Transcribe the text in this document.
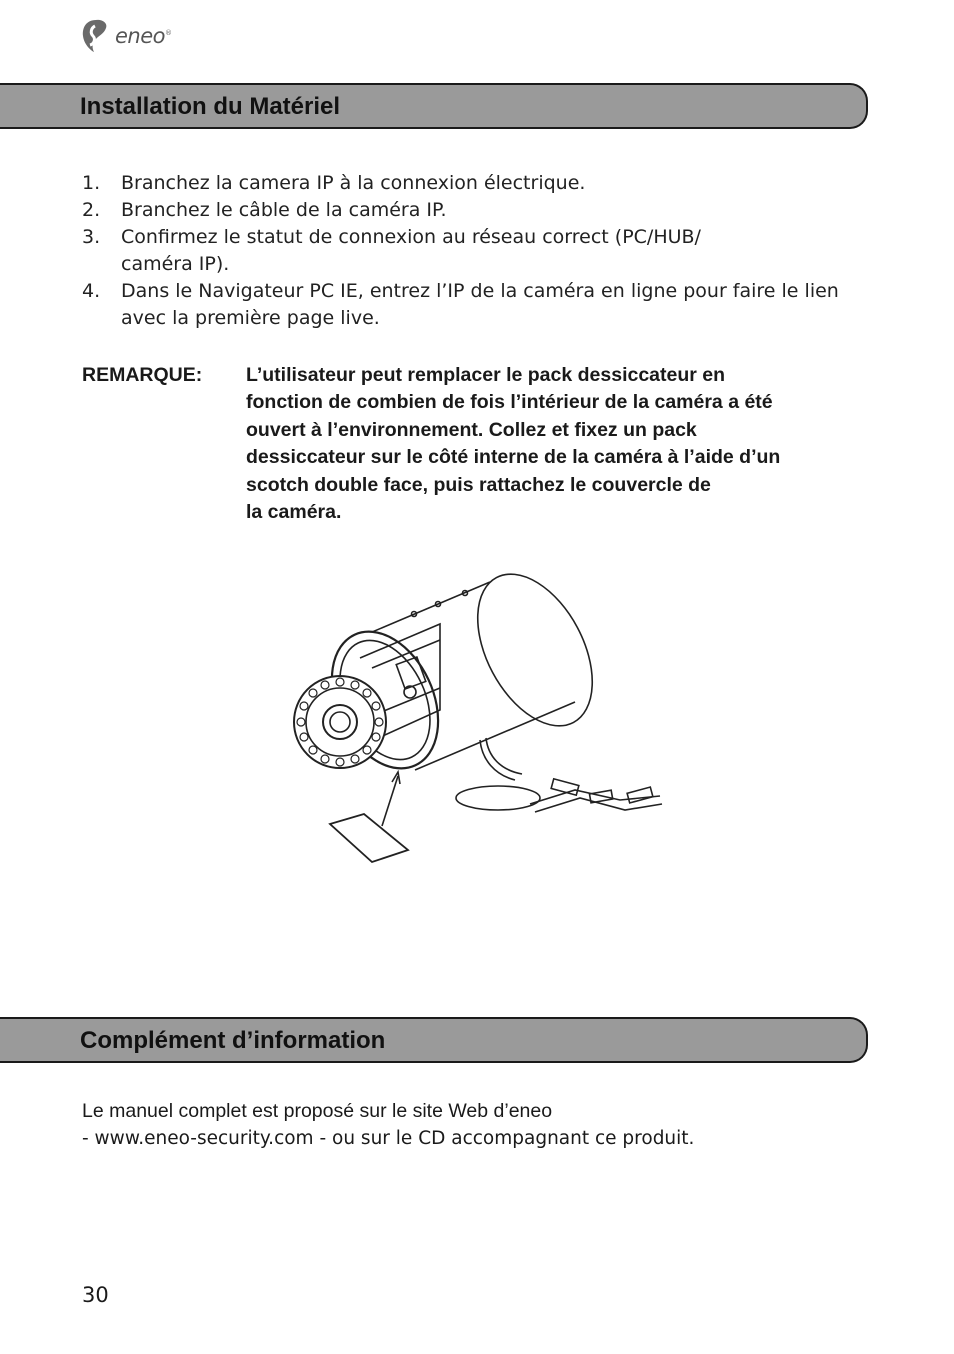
eneo®
Installation du Matériel
1.	Branchez la camera IP à la connexion électrique.
2.	Branchez le câble de la caméra IP.
3.	Confirmez le statut de connexion au réseau correct (PC/HUB/ caméra IP).
4.	Dans le Navigateur PC IE, entrez l’IP de la caméra en ligne pour faire le lien avec la première page live.
REMARQUE:	L’utilisateur peut remplacer le pack dessiccateur en
fonction de combien de fois l’intérieur de la caméra a été
ouvert à l’environnement. Collez et fixez un pack
dessiccateur sur le côté interne de la caméra à l’aide d’un
scotch double face, puis rattachez le couvercle de
la caméra.
Complément d’information
Le manuel complet est proposé sur le site Web d’eneo
- www.eneo-security.com - ou sur le CD accompagnant ce produit.
30
